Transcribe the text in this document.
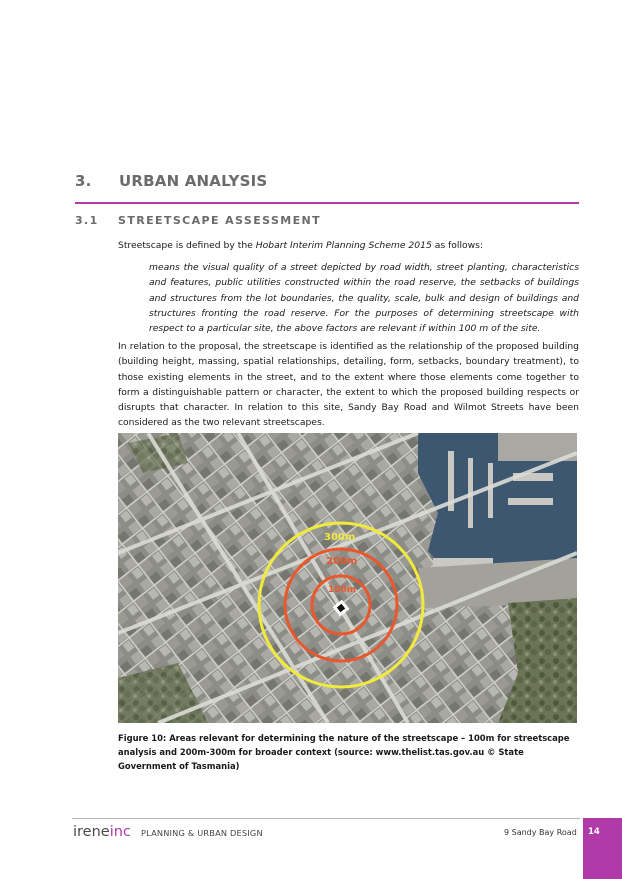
3. URBAN ANALYSIS
3.1 STREETSCAPE ASSESSMENT

Streetscape is defined by the Hobart Interim Planning Scheme 2015 as follows:

means the visual quality of a street depicted by road width, street planting, characteristics and features, public utilities constructed within the road reserve, the setbacks of buildings and structures from the lot boundaries, the quality, scale, bulk and design of buildings and structures fronting the road reserve. For the purposes of determining streetscape with respect to a particular site, the above factors are relevant if within 100 m of the site.

In relation to the proposal, the streetscape is identified as the relationship of the proposed building (building height, massing, spatial relationships, detailing, form, setbacks, boundary treatment), to those existing elements in the street, and to the extent where those elements come together to form a distinguishable pattern or character, the extent to which the proposed building respects or disrupts that character. In relation to this site, Sandy Bay Road and Wilmot Streets have been considered as the two relevant streetscapes.

300m
200m
100m

Figure 10: Areas relevant for determining the nature of the streetscape – 100m for streetscape analysis and 200m-300m for broader context (source: www.thelist.tas.gov.au © State Government of Tasmania)

ireneinc PLANNING & URBAN DESIGN	9 Sandy Bay Road 14
